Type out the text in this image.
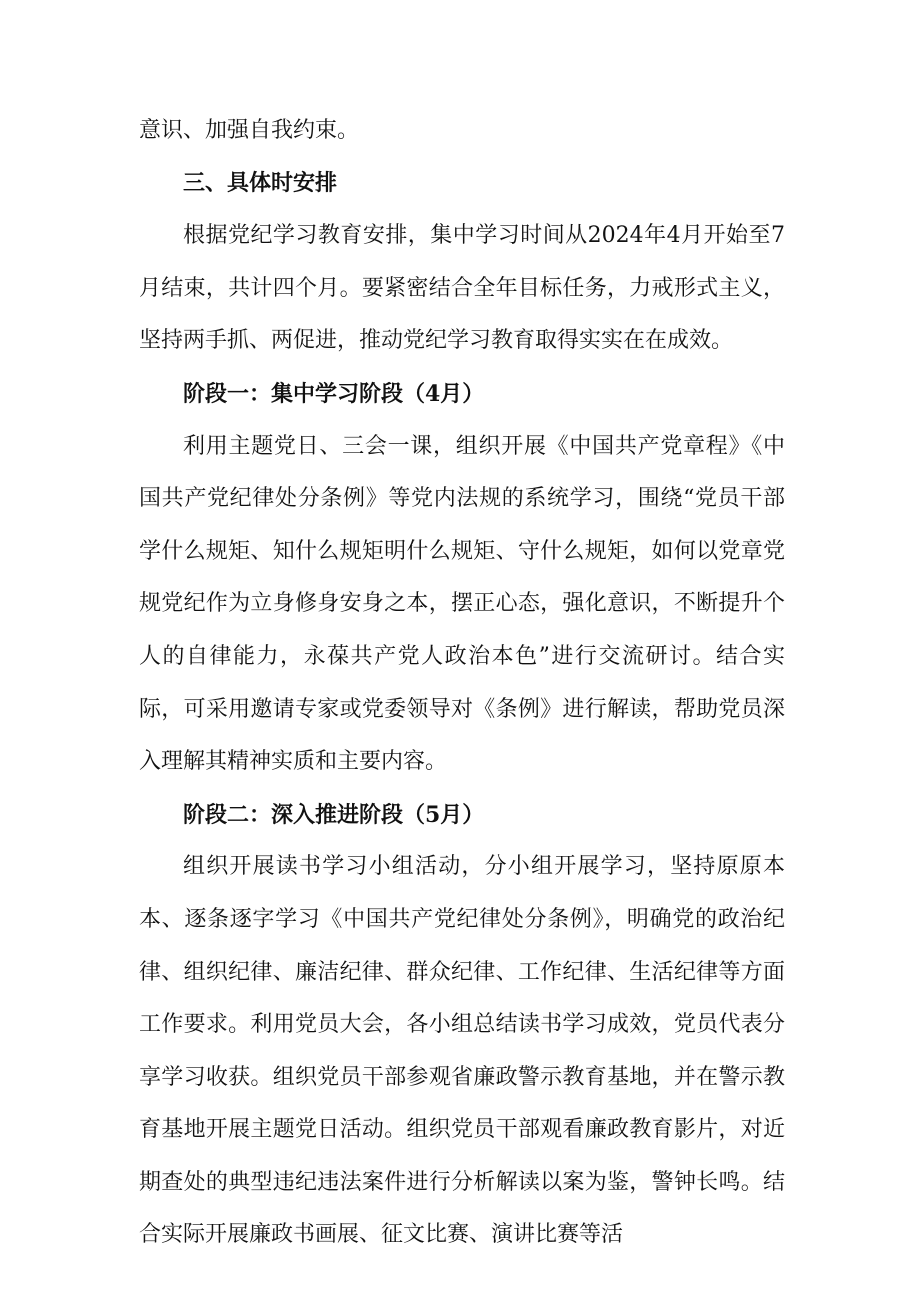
意识、加强自我约束。

三、具体时安排

根据党纪学习教育安排，集中学习时间从2024年4月开始至7月结束，共计四个月。要紧密结合全年目标任务，力戒形式主义，坚持两手抓、两促进，推动党纪学习教育取得实实在在成效。

阶段一：集中学习阶段（4月）

利用主题党日、三会一课，组织开展《中国共产党章程》《中国共产党纪律处分条例》等党内法规的系统学习，围绕“党员干部学什么规矩、知什么规矩明什么规矩、守什么规矩，如何以党章党规党纪作为立身修身安身之本，摆正心态，强化意识，不断提升个人的自律能力，永葆共产党人政治本色”进行交流研讨。结合实际，可采用邀请专家或党委领导对《条例》进行解读，帮助党员深入理解其精神实质和主要内容。

阶段二：深入推进阶段（5月）

组织开展读书学习小组活动，分小组开展学习，坚持原原本本、逐条逐字学习《中国共产党纪律处分条例》，明确党的政治纪律、组织纪律、廉洁纪律、群众纪律、工作纪律、生活纪律等方面工作要求。利用党员大会，各小组总结读书学习成效，党员代表分享学习收获。组织党员干部参观省廉政警示教育基地，并在警示教育基地开展主题党日活动。组织党员干部观看廉政教育影片，对近期查处的典型违纪违法案件进行分析解读以案为鉴，警钟长鸣。结合实际开展廉政书画展、征文比赛、演讲比赛等活
